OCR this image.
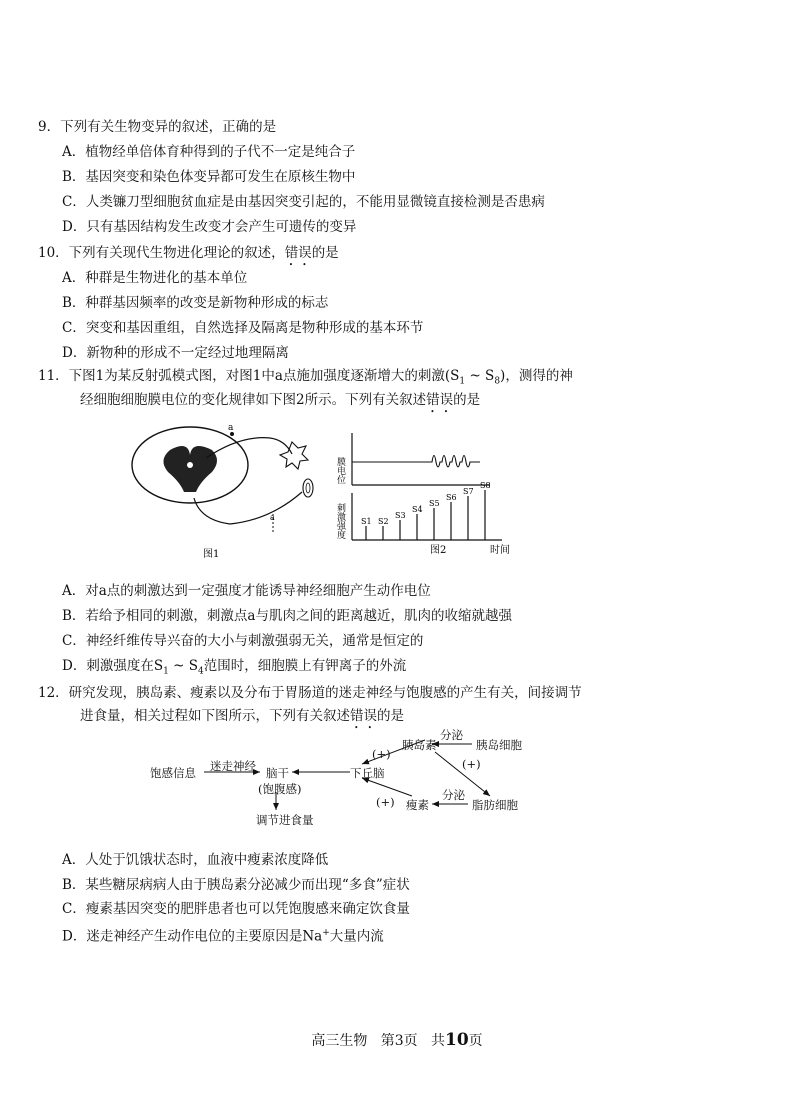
9．下列有关生物变异的叙述，正确的是
A．植物经单倍体育种得到的子代不一定是纯合子
B．基因突变和染色体变异都可发生在原核生物中
C．人类镰刀型细胞贫血症是由基因突变引起的，不能用显微镜直接检测是否患病
D．只有基因结构发生改变才会产生可遗传的变异
10．下列有关现代生物进化理论的叙述，错误的是
A．种群是生物进化的基本单位
B．种群基因频率的改变是新物种形成的标志
C．突变和基因重组，自然选择及隔离是物种形成的基本环节
D．新物种的形成不一定经过地理隔离
11．下图1为某反射弧模式图，对图1中a点施加强度逐渐增大的刺激($S_1$ ~ $S_8$)，测得的神
经细胞细胞膜电位的变化规律如下图2所示。下列有关叙述错误的是
a
a
图1
膜电位
刺激强度 S1 S2
S3
S4
S5
S6
S7
S8
图2	时间
A．对a点的刺激达到一定强度才能诱导神经细胞产生动作电位
B．若给予相同的刺激，刺激点a与肌肉之间的距离越近，肌肉的收缩就越强
C．神经纤维传导兴奋的大小与刺激强弱无关，通常是恒定的
D．刺激强度在$S_1$ ~ $S_4$范围时，细胞膜上有钾离子的外流
12．研究发现，胰岛素、瘦素以及分布于胃肠道的迷走神经与饱腹感的产生有关，间接调节
进食量，相关过程如下图所示，下列有关叙述错误的是
饱感信息 迷走神经 脑干
(饱腹感)
调节进食量
下丘脑
胰岛素
分泌
胰岛细胞
瘦素
分泌
脂肪细胞
(+)
(+)
(+)
A．人处于饥饿状态时，血液中瘦素浓度降低
B．某些糖尿病病人由于胰岛素分泌减少而出现“多食”症状
C．瘦素基因突变的肥胖患者也可以凭饱腹感来确定饮食量
D．迷走神经产生动作电位的主要原因是Na+大量内流
高三生物 第3页 共10页
